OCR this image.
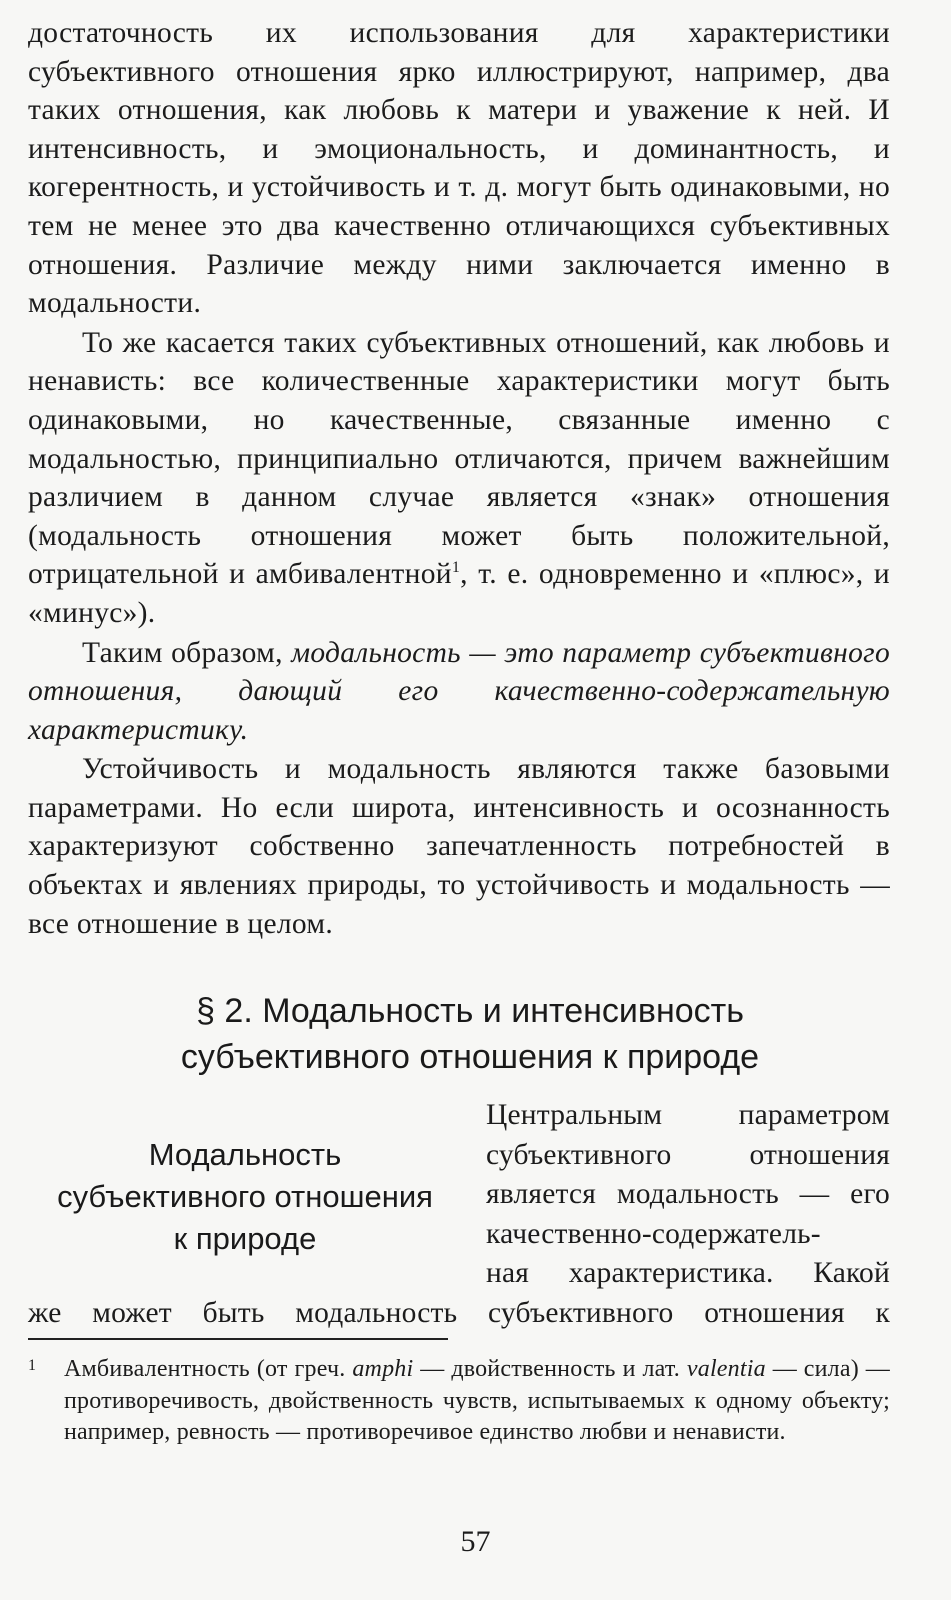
достаточность их использования для характеристики субъективного отношения ярко иллюстрируют, например, два таких отношения, как любовь к матери и уважение к ней. И интенсивность, и эмоциональность, и доминантность, и когерентность, и устойчивость и т. д. могут быть одинаковыми, но тем не менее это два качественно отличающихся субъективных отношения. Различие между ними заключается именно в модальности.

То же касается таких субъективных отношений, как любовь и ненависть: все количественные характеристики могут быть одинаковыми, но качественные, связанные именно с модальностью, принципиально отличаются, причем важнейшим различием в данном случае является «знак» отношения (модальность отношения может быть положительной, отрицательной и амбивалентной$^1$, т. е. одновременно и «плюс», и «минус»).

Таким образом, модальность — это параметр субъективного отношения, дающий его качественно-содержательную характеристику.

Устойчивость и модальность являются также базовыми параметрами. Но если широта, интенсивность и осознанность характеризуют собственно запечатленность потребностей в объектах и явлениях природы, то устойчивость и модальность — все отношение в целом.

§ 2. Модальность и интенсивность
субъективного отношения к природе
Модальность
субъективного отношения
к природе
Центральным параметром
субъективного отношения
является модальность — его
качественно-содержатель-
ная характеристика. Какой
же может быть модальность субъективного отношения к
1 Амбивалентность (от греч. amphi — двойственность и лат. valentia — сила) — противоречивость, двойственность чувств, испытываемых к одному объекту; например, ревность — противоречивое единство любви и ненависти.
57
